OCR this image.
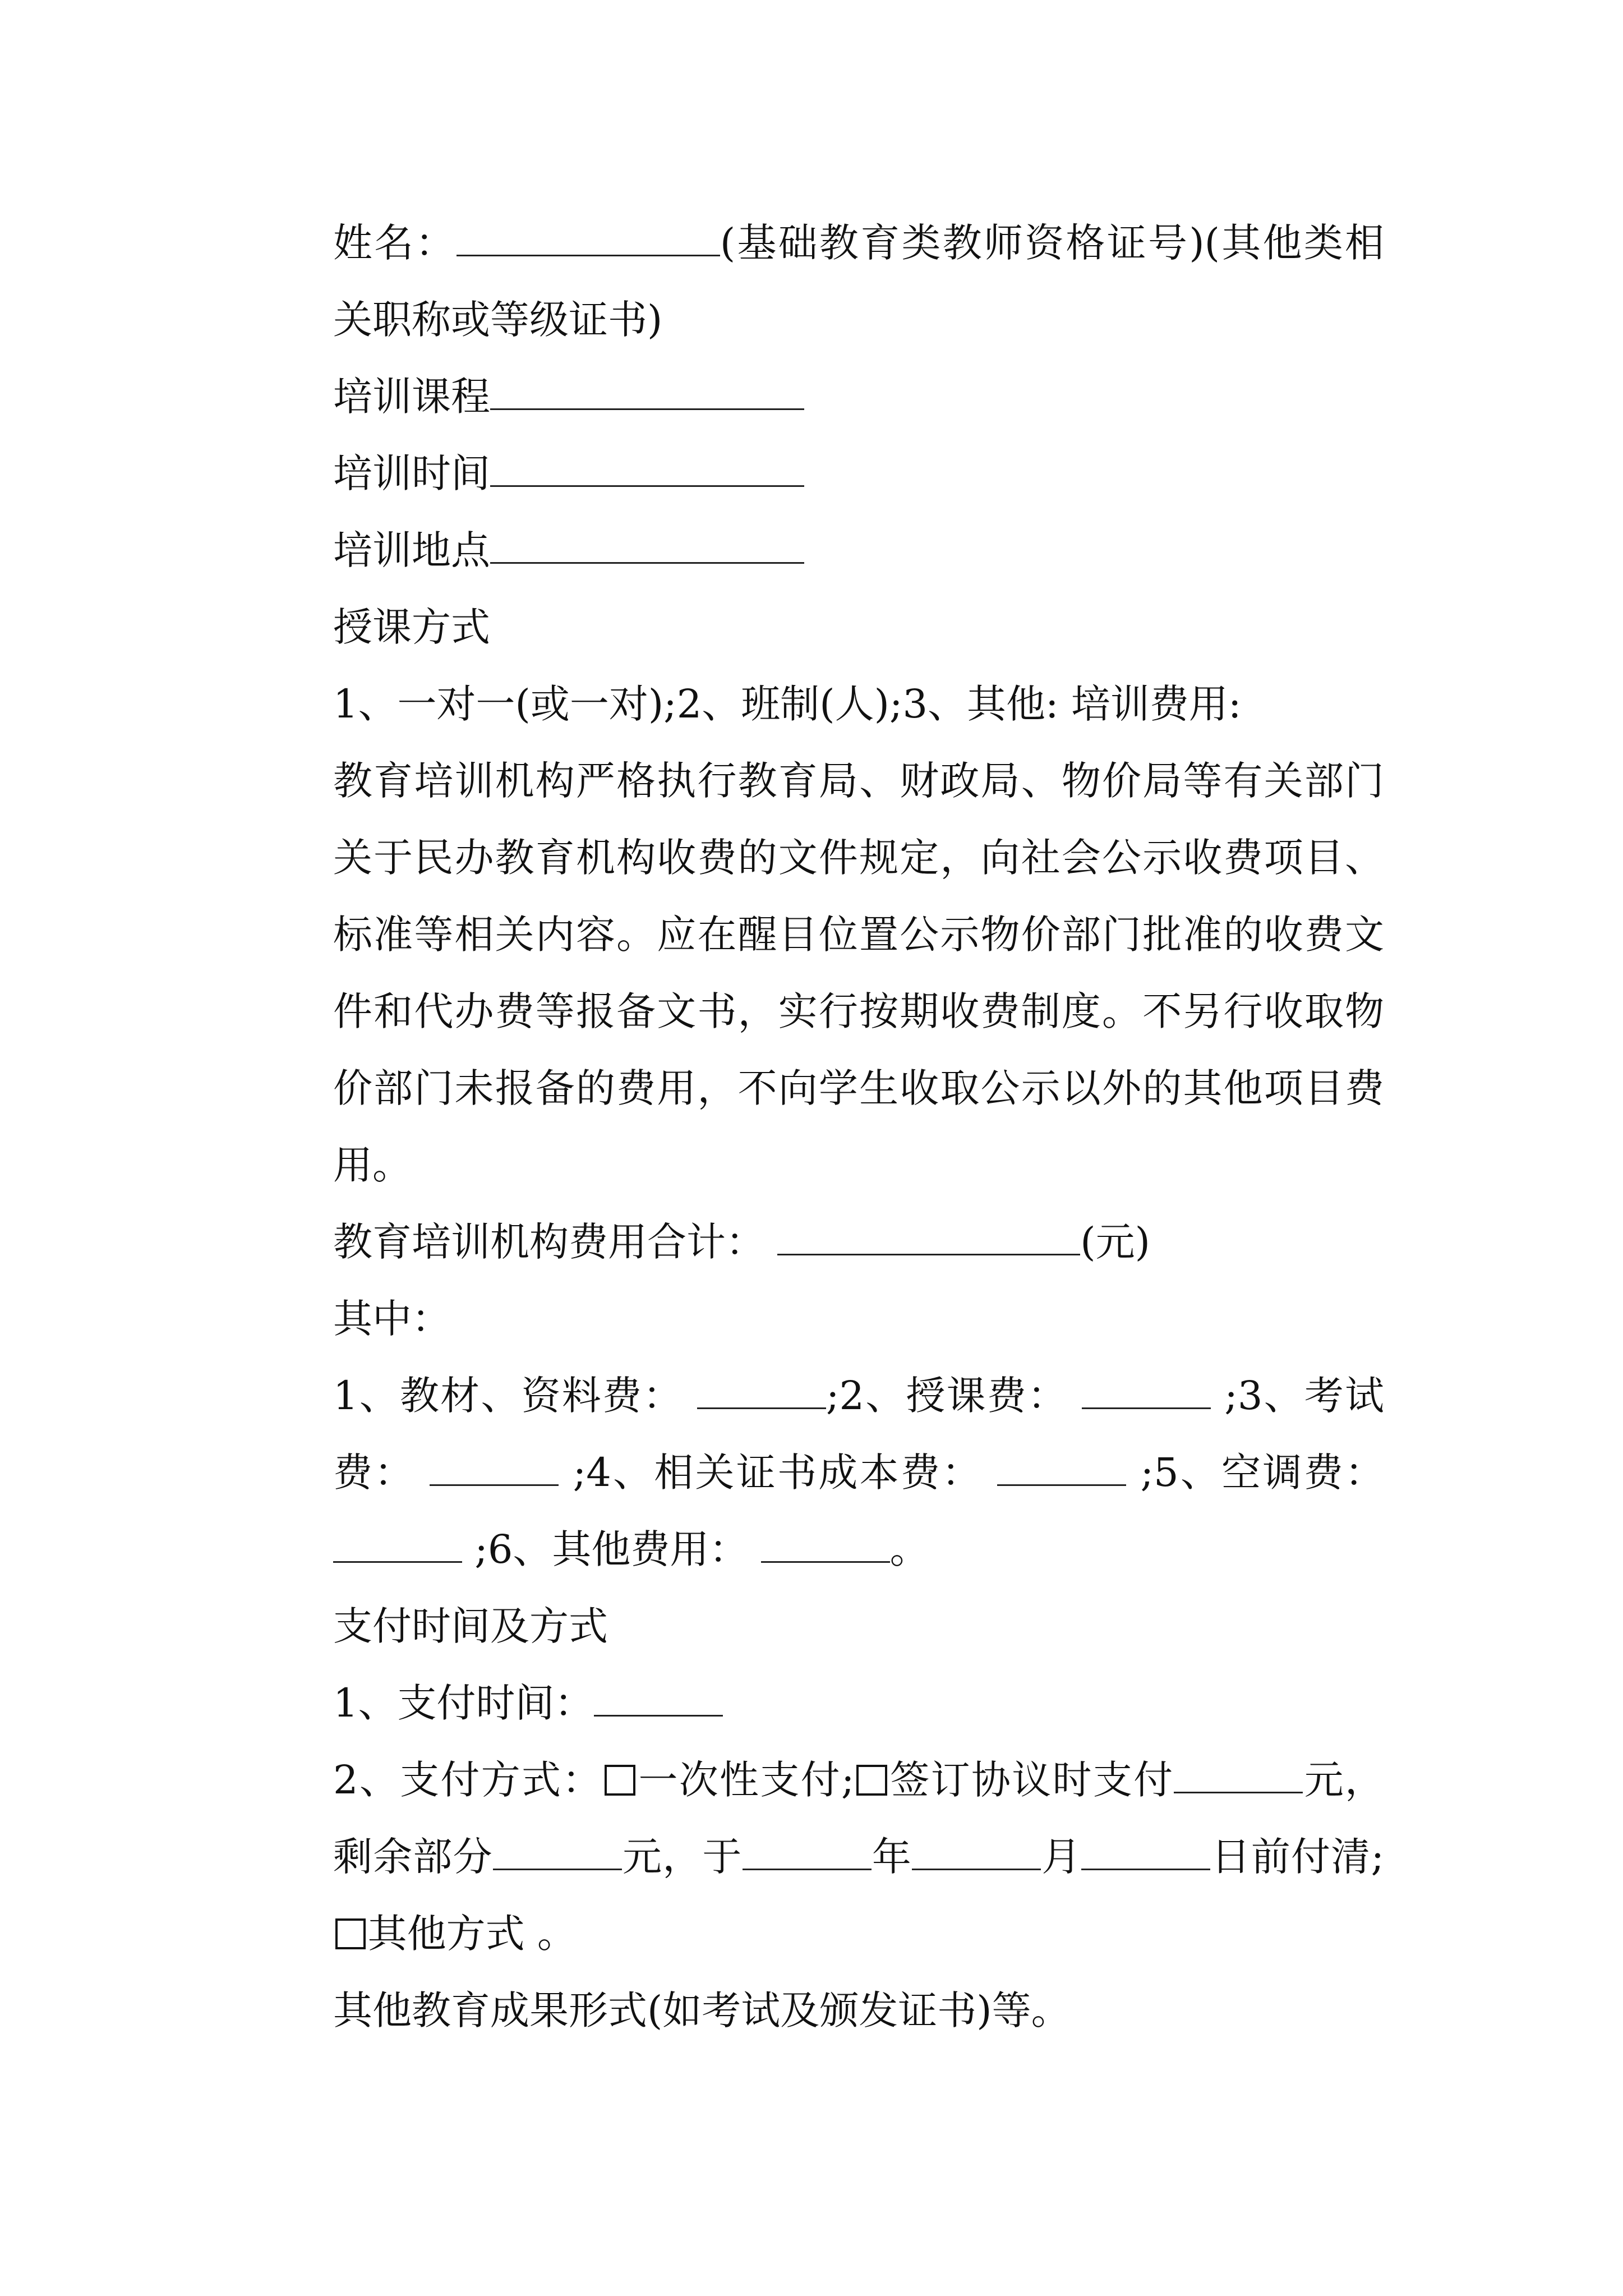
姓名：	(基础教育类教师资格证号)(其他类相关职称或等级证书)

培训课程

培训时间

培训地点

授课方式

1、一对一(或一对);2、班制(人);3、其他: 培训费用:

教育培训机构严格执行教育局、财政局、物价局等有关部门关于民办教育机构收费的文件规定，向社会公示收费项目、标准等相关内容。应在醒目位置公示物价部门批准的收费文件和代办费等报备文书，实行按期收费制度。不另行收取物价部门未报备的费用，不向学生收取公示以外的其他项目费用。

教育培训机构费用合计：	(元)

其中：

1、教材、资料费：	;2、授课费：	;3、考试费：	;4、相关证书成本费：	;5、空调费：  ;6、其他费用：	。

支付时间及方式

1、支付时间：

2、支付方式： 一次性支付; 签订协议时支付	元，剩余部分	元，于	年	月	日前付清;其他方式 。

其他教育成果形式(如考试及颁发证书)等。
